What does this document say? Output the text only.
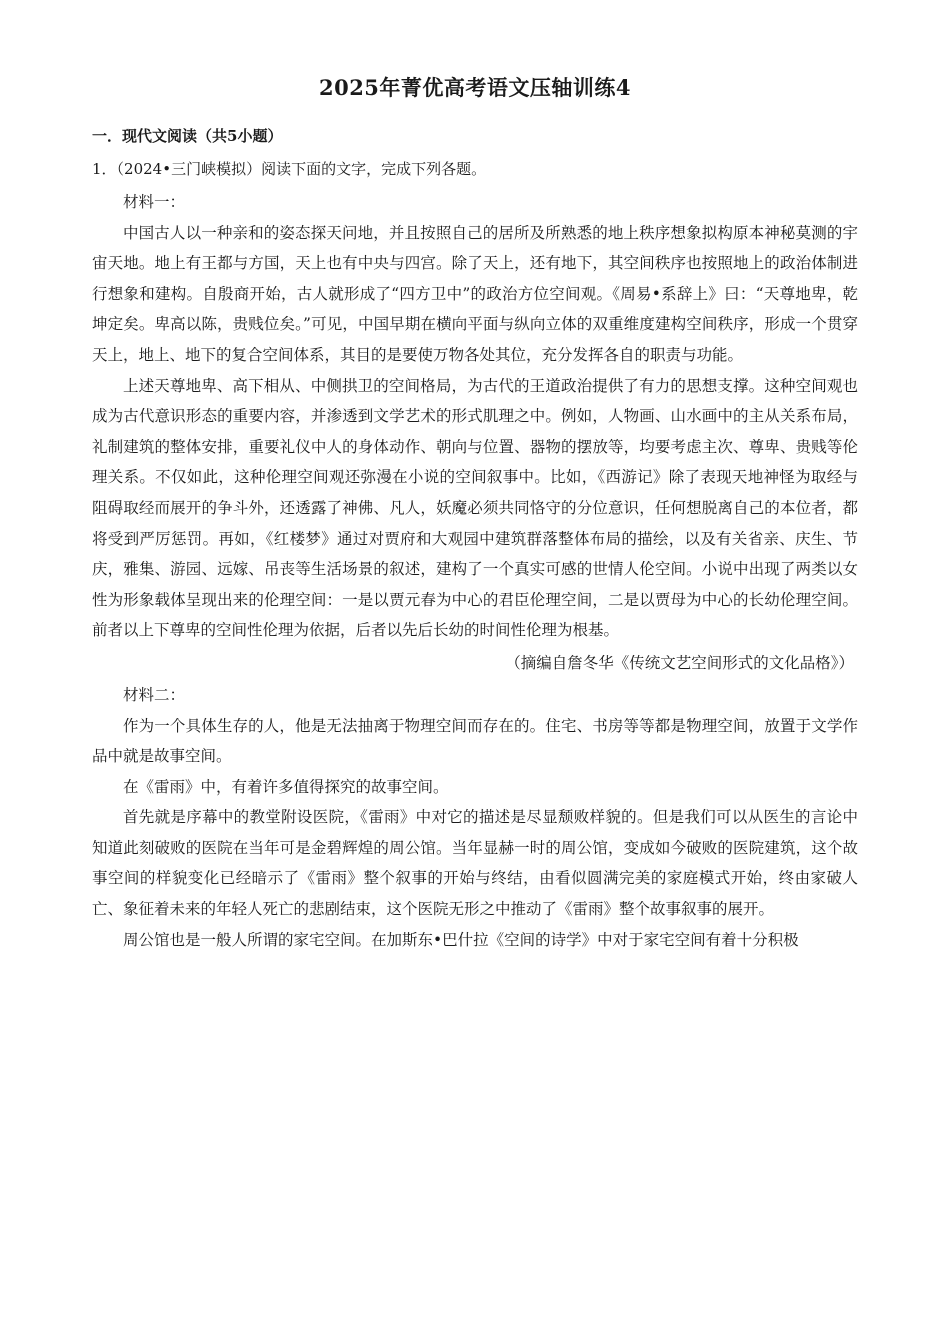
2025年菁优高考语文压轴训练4
一．现代文阅读（共5小题）
1．（2024•三门峡模拟）阅读下面的文字，完成下列各题。

材料一：

中国古人以一种亲和的姿态探天问地，并且按照自己的居所及所熟悉的地上秩序想象拟构原本神秘莫测的宇宙天地。地上有王都与方国，天上也有中央与四宫。除了天上，还有地下，其空间秩序也按照地上的政治体制进行想象和建构。自殷商开始，古人就形成了“四方卫中”的政治方位空间观。《周易•系辞上》曰：“天尊地卑，乾坤定矣。卑高以陈，贵贱位矣。”可见，中国早期在横向平面与纵向立体的双重维度建构空间秩序，形成一个贯穿天上，地上、地下的复合空间体系，其目的是要使万物各处其位，充分发挥各自的职责与功能。

上述天尊地卑、高下相从、中侧拱卫的空间格局，为古代的王道政治提供了有力的思想支撑。这种空间观也成为古代意识形态的重要内容，并渗透到文学艺术的形式肌理之中。例如，人物画、山水画中的主从关系布局，礼制建筑的整体安排，重要礼仪中人的身体动作、朝向与位置、器物的摆放等，均要考虑主次、尊卑、贵贱等伦理关系。不仅如此，这种伦理空间观还弥漫在小说的空间叙事中。比如，《西游记》除了表现天地神怪为取经与阻碍取经而展开的争斗外，还透露了神佛、凡人，妖魔必须共同恪守的分位意识，任何想脱离自己的本位者，都将受到严厉惩罚。再如，《红楼梦》通过对贾府和大观园中建筑群落整体布局的描绘，以及有关省亲、庆生、节庆，雅集、游园、远嫁、吊丧等生活场景的叙述，建构了一个真实可感的世情人伦空间。小说中出现了两类以女性为形象载体呈现出来的伦理空间：一是以贾元春为中心的君臣伦理空间，二是以贾母为中心的长幼伦理空间。前者以上下尊卑的空间性伦理为依据，后者以先后长幼的时间性伦理为根基。

（摘编自詹冬华《传统文艺空间形式的文化品格》）

材料二：

作为一个具体生存的人，他是无法抽离于物理空间而存在的。住宅、书房等等都是物理空间，放置于文学作品中就是故事空间。

在《雷雨》中，有着许多值得探究的故事空间。

首先就是序幕中的教堂附设医院，《雷雨》中对它的描述是尽显颓败样貌的。但是我们可以从医生的言论中知道此刻破败的医院在当年可是金碧辉煌的周公馆。当年显赫一时的周公馆，变成如今破败的医院建筑，这个故事空间的样貌变化已经暗示了《雷雨》整个叙事的开始与终结，由看似圆满完美的家庭模式开始，终由家破人亡、象征着未来的年轻人死亡的悲剧结束，这个医院无形之中推动了《雷雨》整个故事叙事的展开。

周公馆也是一般人所谓的家宅空间。在加斯东•巴什拉《空间的诗学》中对于家宅空间有着十分积极
